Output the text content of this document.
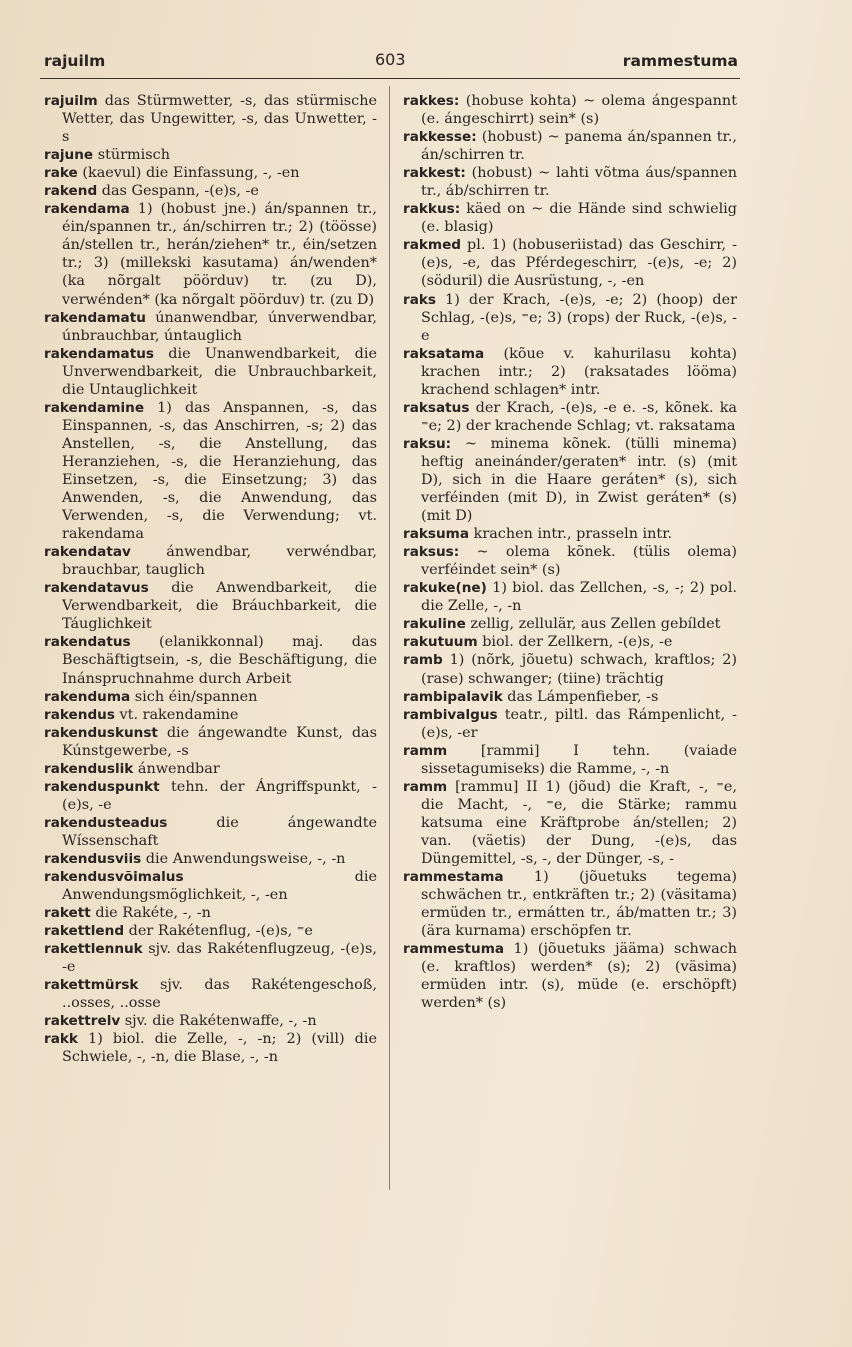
rajuilm	603	rammestuma

rajuilm das Stürmwetter, -s, das stürmische Wetter, das Ungewitter, -s, das Unwetter, -s

rajune stürmisch

rake (kaevul) die Einfassung, -, -en

rakend das Gespann, -(e)s, -e

rakendama 1) (hobust jne.) án/spannen tr., éin/spannen tr., án/schirren tr.; 2) (töösse) án/stellen tr., herán/ziehen* tr., éin/setzen tr.; 3) (millekski kasutama) án/wenden* (ka nõrgalt pöörduv) tr. (zu D), verwénden* (ka nõrgalt pöörduv) tr. (zu D)

rakendamatu únanwendbar, únverwendbar, únbrauchbar, úntauglich

rakendamatus die Unanwendbarkeit, die Unverwendbarkeit, die Unbrauchbarkeit, die Untauglichkeit

rakendamine 1) das Anspannen, -s, das Einspannen, -s, das Anschirren, -s; 2) das Anstellen, -s, die Anstellung, das Heranziehen, -s, die Heranziehung, das Einsetzen, -s, die Einsetzung; 3) das Anwenden, -s, die Anwendung, das Verwenden, -s, die Verwendung; vt. rakendama

rakendatav ánwendbar, verwéndbar, brauchbar, tauglich

rakendatavus die Anwendbarkeit, die Verwendbarkeit, die Bráuchbarkeit, die Táuglichkeit

rakendatus (elanikkonnal) maj. das Beschäftigtsein, -s, die Beschäftigung, die Inánspruchnahme durch Arbeit

rakenduma sich éin/spannen

rakendus vt. rakendamine

rakenduskunst die ángewandte Kunst, das Kúnstgewerbe, -s

rakenduslik ánwendbar

rakenduspunkt tehn. der Ángriffspunkt, -(e)s, -e

rakendusteadus die ángewandte Wíssenschaft

rakendusviis die Anwendungsweise, -, -n

rakendusvõimalus die Anwendungsmöglichkeit, -, -en

rakett die Rakéte, -, -n

rakettlend der Rakétenflug, -(e)s, ⁼e

rakettlennuk sjv. das Rakétenflugzeug, -(e)s, -e

rakettmürsk sjv. das Rakétengeschoß, ..osses, ..osse

rakettrelv sjv. die Rakétenwaffe, -, -n

rakk 1) biol. die Zelle, -, -n; 2) (vill) die Schwiele, -, -n, die Blase, -, -n

rakkes: (hobuse kohta) ~ olema ángespannt (e. ángeschirrt) sein* (s)

rakkesse: (hobust) ~ panema án/spannen tr., án/schirren tr.

rakkest: (hobust) ~ lahti võtma áus/spannen tr., áb/schirren tr.

rakkus: käed on ~ die Hände sind schwielig (e. blasig)

rakmed pl. 1) (hobuseriistad) das Geschirr, -(e)s, -e, das Pférdegeschirr, -(e)s, -e; 2) (söduril) die Ausrüstung, -, -en

raks 1) der Krach, -(e)s, -e; 2) (hoop) der Schlag, -(e)s, ⁼e; 3) (rops) der Ruck, -(e)s, -e

raksatama (kõue v. kahurilasu kohta) krachen intr.; 2) (raksatades lööma) krachend schlagen* intr.

raksatus der Krach, -(e)s, -e e. -s, kõnek. ka ⁼e; 2) der krachende Schlag; vt. raksatama

raksu: ~ minema kõnek. (tülli minema) heftig aneinánder/geraten* intr. (s) (mit D), sich in die Haare geráten* (s), sich verféinden (mit D), in Zwist geráten* (s) (mit D)

raksuma krachen intr., prasseln intr.

raksus: ~ olema kõnek. (tülis olema) verféindet sein* (s)

rakuke(ne) 1) biol. das Zellchen, -s, -; 2) pol. die Zelle, -, -n

rakuline zellig, zellulär, aus Zellen gebíldet

rakutuum biol. der Zellkern, -(e)s, -e

ramb 1) (nõrk, jõuetu) schwach, kraftlos; 2) (rase) schwanger; (tiine) trächtig

rambipalavik das Lámpenfieber, -s

rambivalgus teatr., piltl. das Rámpenlicht, -(e)s, -er

ramm [rammi] I tehn. (vaiade sissetagumiseks) die Ramme, -, -n

ramm [rammu] II 1) (jõud) die Kraft, -, ⁼e, die Macht, -, ⁼e, die Stärke; rammu katsuma eine Kräftprobe án/stellen; 2) van. (väetis) der Dung, -(e)s, das Düngemittel, -s, -, der Dünger, -s, -

rammestama 1) (jõuetuks tegema) schwächen tr., entkräften tr.; 2) (väsitama) ermüden tr., ermátten tr., áb/matten tr.; 3) (ära kurnama) erschöpfen tr.

rammestuma 1) (jõuetuks jääma) schwach (e. kraftlos) werden* (s); 2) (väsima) ermüden intr. (s), müde (e. erschöpft) werden* (s)
